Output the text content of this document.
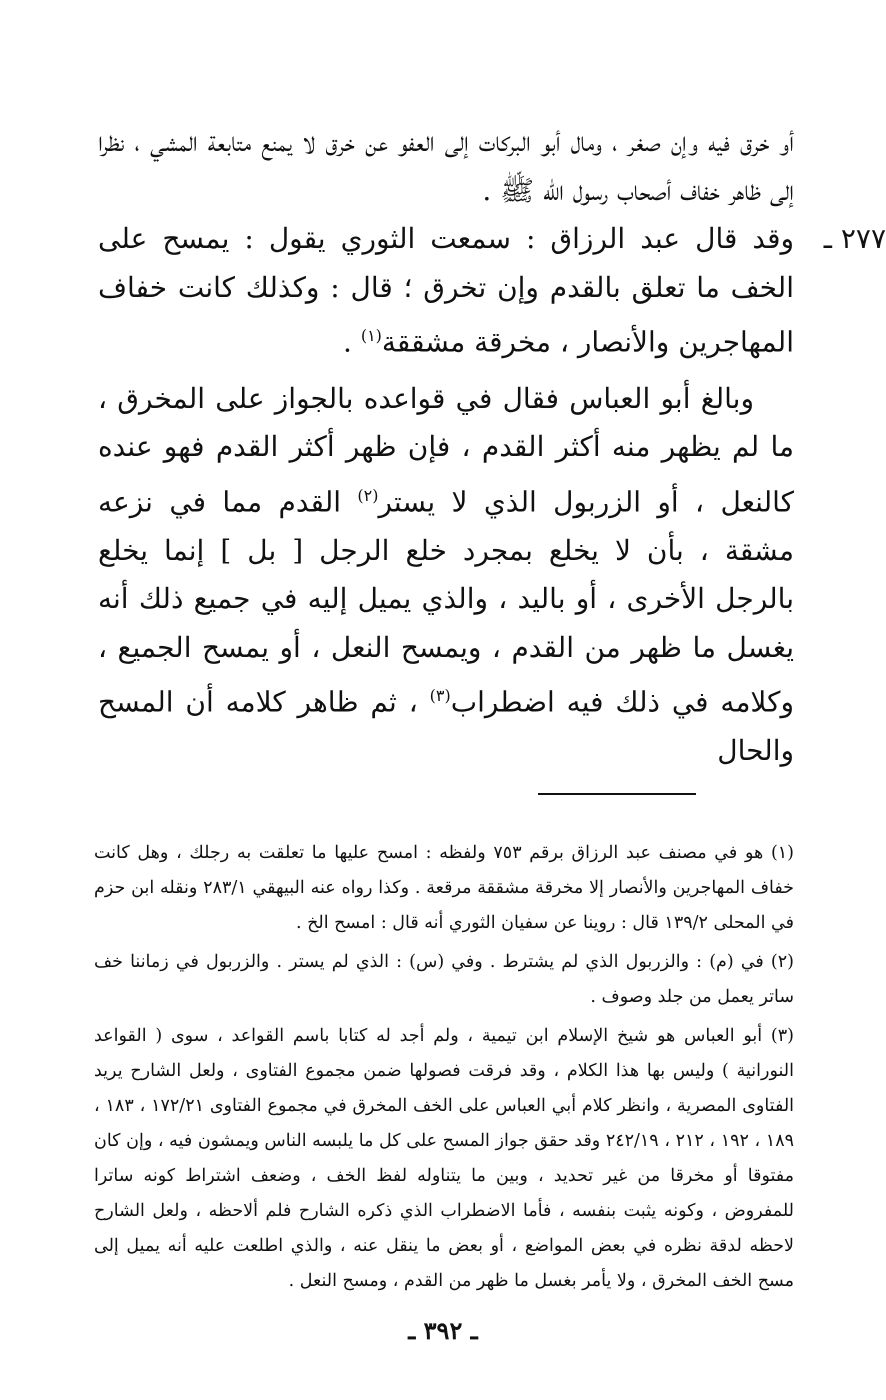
أو خرق فيه وإن صغر ، ومال أبو البركات إلى العفو عن خرق لا يمنع متابعة المشي ، نظرا إلى ظاهر خفاف أصحاب رسول الله ﷺ .

٢٧٧ ـ
وقد قال عبد الرزاق : سمعت الثوري يقول : يمسح على الخف ما تعلق بالقدم وإن تخرق ؛ قال : وكذلك كانت خفاف المهاجرين والأنصار ، مخرقة مشققة$^{(١)}$ .

وبالغ أبو العباس فقال في قواعده بالجواز على المخرق ، ما لم يظهر منه أكثر القدم ، فإن ظهر أكثر القدم فهو عنده كالنعل ، أو الزربول الذي لا يستر$^{(٢)}$ القدم مما في نزعه مشقة ، بأن لا يخلع بمجرد خلع الرجل [ بل ] إنما يخلع بالرجل الأخرى ، أو باليد ، والذي يميل إليه في جميع ذلك أنه يغسل ما ظهر من القدم ، ويمسح النعل ، أو يمسح الجميع ، وكلامه في ذلك فيه اضطراب$^{(٣)}$ ، ثم ظاهر كلامه أن المسح والحال

(١) هو في مصنف عبد الرزاق برقم ٧٥٣ ولفظه : امسح عليها ما تعلقت به رجلك ، وهل كانت خفاف المهاجرين والأنصار إلا مخرقة مشققة مرقعة . وكذا رواه عنه البيهقي ٢٨٣/١ ونقله ابن حزم في المحلى ١٣٩/٢ قال : روينا عن سفيان الثوري أنه قال : امسح الخ .

(٢) في (م) : والزربول الذي لم يشترط . وفي (س) : الذي لم يستر . والزربول في زماننا خف ساتر يعمل من جلد وصوف .

(٣) أبو العباس هو شيخ الإسلام ابن تيمية ، ولم أجد له كتابا باسم القواعد ، سوى ( القواعد النورانية ) وليس بها هذا الكلام ، وقد فرقت فصولها ضمن مجموع الفتاوى ، ولعل الشارح يريد الفتاوى المصرية ، وانظر كلام أبي العباس على الخف المخرق في مجموع الفتاوى ١٧٢/٢١ ، ١٨٣ ، ١٨٩ ، ١٩٢ ، ٢١٢ ، ٢٤٢/١٩ وقد حقق جواز المسح على كل ما يلبسه الناس ويمشون فيه ، وإن كان مفتوقا أو مخرقا من غير تحديد ، وبين ما يتناوله لفظ الخف ، وضعف اشتراط كونه ساترا للمفروض ، وكونه يثبت بنفسه ، فأما الاضطراب الذي ذكره الشارح فلم ألاحظه ، ولعل الشارح لاحظه لدقة نظره في بعض المواضع ، أو بعض ما ينقل عنه ، والذي اطلعت عليه أنه يميل إلى مسح الخف المخرق ، ولا يأمر بغسل ما ظهر من القدم ، ومسح النعل .

ـ ٣٩٢ ـ
